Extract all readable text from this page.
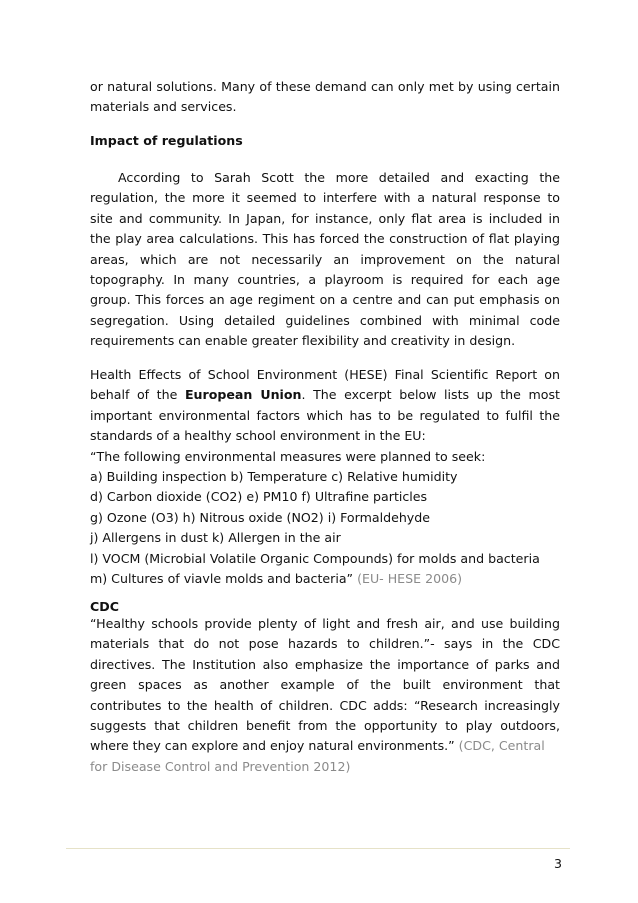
or natural solutions. Many of these demand can only met by using certain
materials and services.
Impact of regulations
According to Sarah Scott the more detailed and exacting the
regulation, the more it seemed to interfere with a natural response to
site and community. In Japan, for instance, only flat area is included in
the play area calculations. This has forced the construction of flat playing
areas, which are not necessarily an improvement on the natural
topography. In many countries, a playroom is required for each age
group. This forces an age regiment on a centre and can put emphasis on
segregation. Using detailed guidelines combined with minimal code
requirements can enable greater flexibility and creativity in design.
Health Effects of School Environment (HESE) Final Scientific Report on
behalf of the European Union. The excerpt below lists up the most
important environmental factors which has to be regulated to fulfil the
standards of a healthy school environment in the EU:
“The following environmental measures were planned to seek:
a) Building inspection b) Temperature c) Relative humidity
d) Carbon dioxide (CO2) e) PM10 f) Ultrafine particles
g) Ozone (O3) h) Nitrous oxide (NO2) i) Formaldehyde
j) Allergens in dust k) Allergen in the air
l) VOCM (Microbial Volatile Organic Compounds) for molds and bacteria
m) Cultures of viavle molds and bacteria” (EU- HESE 2006)
CDC
“Healthy schools provide plenty of light and fresh air, and use building
materials that do not pose hazards to children.”- says in the CDC
directives. The Institution also emphasize the importance of parks and
green spaces as another example of the built environment that
contributes to the health of children. CDC adds: “Research increasingly
suggests that children benefit from the opportunity to play outdoors,
where they can explore and enjoy natural environments.” (CDC, Central
for Disease Control and Prevention 2012)
3
